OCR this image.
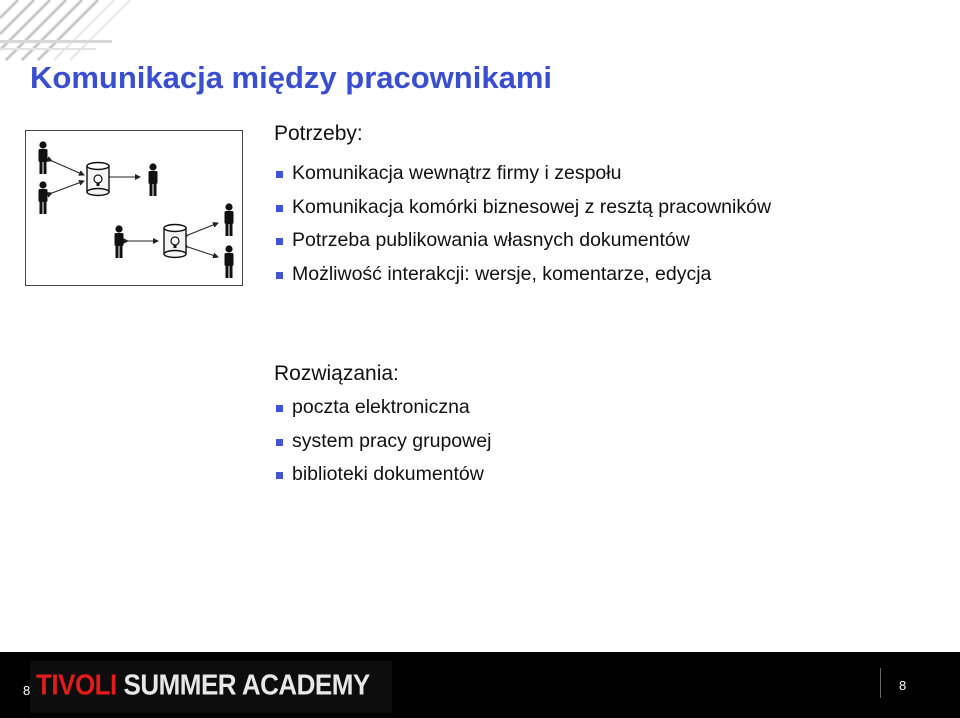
Komunikacja między pracownikami
Potrzeby:
Komunikacja wewnątrz firmy i zespołu
Komunikacja komórki biznesowej z resztą pracowników
Potrzeba publikowania własnych dokumentów
Możliwość interakcji: wersje, komentarze, edycja
Rozwiązania:
poczta elektroniczna
system pracy grupowej
biblioteki dokumentów
TIVOLI SUMMER ACADEMY
8	8
